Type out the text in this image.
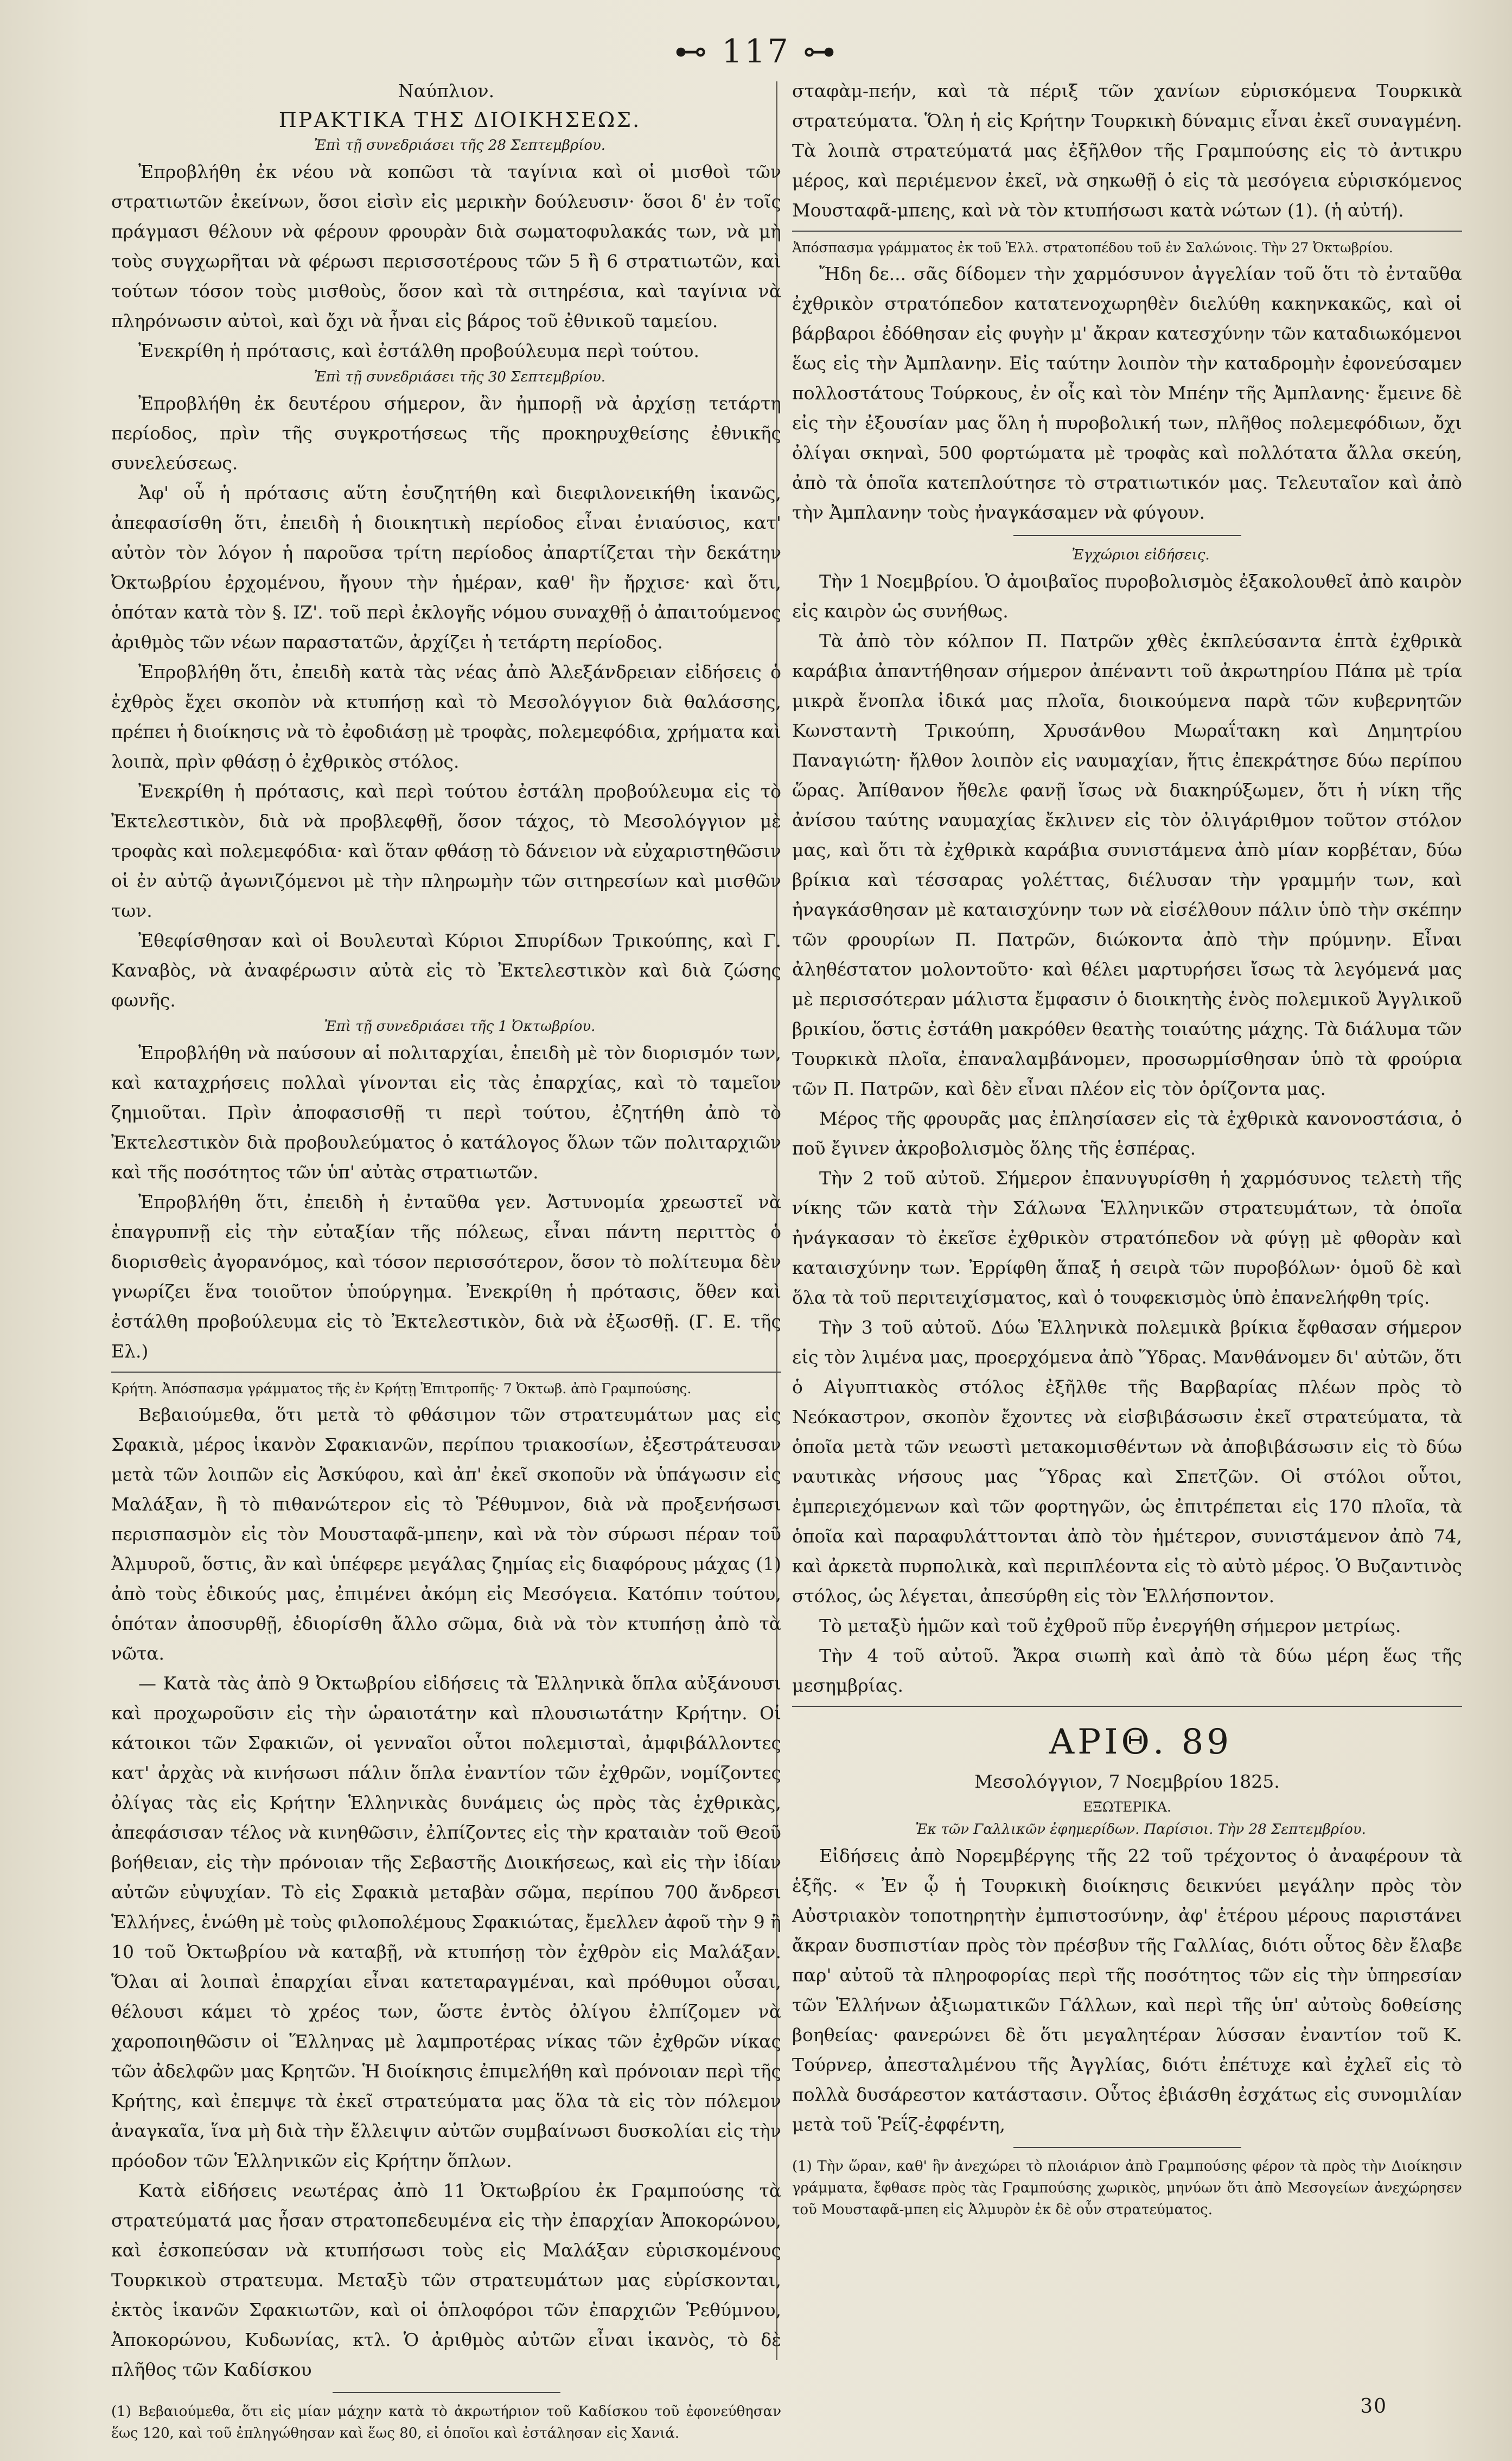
⊷ 117 ⊶

Ναύπλιον.

ΠΡΑΚΤΙΚΑ ΤΗΣ ΔΙΟΙΚΗΣΕΩΣ.

Ἐπὶ τῇ συνεδριάσει τῆς 28 Σεπτεμβρίου.

Ἐπροβλήθη ἐκ νέου νὰ κοπῶσι τὰ ταγίνια καὶ οἱ μισθοὶ τῶν στρατιωτῶν ἐκείνων, ὅσοι εἰσὶν εἰς μερικὴν δούλευσιν· ὅσοι δ' ἐν τοῖς πράγμασι θέλουν νὰ φέρουν φρουρὰν διὰ σωματοφυλακάς των, νὰ μὴ τοὺς συγχωρῆται νὰ φέρωσι περισσοτέρους τῶν 5 ἢ 6 στρατιωτῶν, καὶ τούτων τόσον τοὺς μισθοὺς, ὅσον καὶ τὰ σιτηρέσια, καὶ ταγίνια νὰ πληρόνωσιν αὐτοὶ, καὶ ὄχι νὰ ἦναι εἰς βάρος τοῦ ἐθνικοῦ ταμείου.

Ἐνεκρίθη ἡ πρότασις, καὶ ἐστάλθη προβούλευμα περὶ τούτου.

Ἐπὶ τῇ συνεδριάσει τῆς 30 Σεπτεμβρίου.

Ἐπροβλήθη ἐκ δευτέρου σήμερον, ἂν ἠμπορῇ νὰ ἀρχίσῃ τετάρτη περίοδος, πρὶν τῆς συγκροτήσεως τῆς προκηρυχθείσης ἐθνικῆς συνελεύσεως.

Ἀφ' οὗ ἡ πρότασις αὕτη ἐσυζητήθη καὶ διεφιλονεικήθη ἱκανῶς, ἀπεφασίσθη ὅτι, ἐπειδὴ ἡ διοικητικὴ περίοδος εἶναι ἐνιαύσιος, κατ' αὐτὸν τὸν λόγον ἡ παροῦσα τρίτη περίοδος ἀπαρτίζεται τὴν δεκάτην Ὀκτωβρίου ἐρχομένου, ἤγουν τὴν ἡμέραν, καθ' ἣν ἤρχισε· καὶ ὅτι, ὁπόταν κατὰ τὸν §. ΙΖ'. τοῦ περὶ ἐκλογῆς νόμου συναχθῇ ὁ ἀπαιτούμενος ἀριθμὸς τῶν νέων παραστατῶν, ἀρχίζει ἡ τετάρτη περίοδος.

Ἐπροβλήθη ὅτι, ἐπειδὴ κατὰ τὰς νέας ἀπὸ Ἀλεξάνδρειαν εἰδήσεις ὁ ἐχθρὸς ἔχει σκοπὸν νὰ κτυπήσῃ καὶ τὸ Μεσολόγγιον διὰ θαλάσσης, πρέπει ἡ διοίκησις νὰ τὸ ἐφοδιάσῃ μὲ τροφὰς, πολεμεφόδια, χρήματα καὶ λοιπὰ, πρὶν φθάσῃ ὁ ἐχθρικὸς στόλος.

Ἐνεκρίθη ἡ πρότασις, καὶ περὶ τούτου ἐστάλη προβούλευμα εἰς τὸ Ἐκτελεστικὸν, διὰ νὰ προβλεφθῇ, ὅσον τάχος, τὸ Μεσολόγγιον μὲ τροφὰς καὶ πολεμεφόδια· καὶ ὅταν φθάσῃ τὸ δάνειον νὰ εὐχαριστηθῶσιν οἱ ἐν αὐτῷ ἀγωνιζόμενοι μὲ τὴν πληρωμὴν τῶν σιτηρεσίων καὶ μισθῶν των.

Ἐθεφίσθησαν καὶ οἱ Βουλευταὶ Κύριοι Σπυρίδων Τρικούπης, καὶ Γ. Καναβὸς, νὰ ἀναφέρωσιν αὐτὰ εἰς τὸ Ἐκτελεστικὸν καὶ διὰ ζώσης φωνῆς.

Ἐπὶ τῇ συνεδριάσει τῆς 1 Ὀκτωβρίου.

Ἐπροβλήθη νὰ παύσουν αἱ πολιταρχίαι, ἐπειδὴ μὲ τὸν διορισμόν των, καὶ καταχρήσεις πολλαὶ γίνονται εἰς τὰς ἐπαρχίας, καὶ τὸ ταμεῖον ζημιοῦται. Πρὶν ἀποφασισθῇ τι περὶ τούτου, ἐζητήθη ἀπὸ τὸ Ἐκτελεστικὸν διὰ προβουλεύματος ὁ κατάλογος ὅλων τῶν πολιταρχιῶν καὶ τῆς ποσότητος τῶν ὑπ' αὐτὰς στρατιωτῶν.

Ἐπροβλήθη ὅτι, ἐπειδὴ ἡ ἐνταῦθα γεν. Ἀστυνομία χρεωστεῖ νὰ ἐπαγρυπνῇ εἰς τὴν εὐταξίαν τῆς πόλεως, εἶναι πάντη περιττὸς ὁ διορισθεὶς ἀγορανόμος, καὶ τόσον περισσότερον, ὅσον τὸ πολίτευμα δὲν γνωρίζει ἕνα τοιοῦτον ὑπούργημα. Ἐνεκρίθη ἡ πρότασις, ὅθεν καὶ ἐστάλθη προβούλευμα εἰς τὸ Ἐκτελεστικὸν, διὰ νὰ ἐξωσθῇ. (Γ. Ε. τῆς Ελ.)

Κρήτη. Ἀπόσπασμα γράμματος τῆς ἐν Κρήτῃ Ἐπιτροπῆς· 7 Ὀκτωβ. ἀπὸ Γραμπούσης.

Βεβαιούμεθα, ὅτι μετὰ τὸ φθάσιμον τῶν στρατευμάτων μας εἰς Σφακιὰ, μέρος ἱκανὸν Σφακιανῶν, περίπου τριακοσίων, ἐξεστράτευσαν μετὰ τῶν λοιπῶν εἰς Ἀσκύφου, καὶ ἀπ' ἐκεῖ σκοποῦν νὰ ὑπάγωσιν εἰς Μαλάξαν, ἢ τὸ πιθανώτερον εἰς τὸ Ῥέθυμνον, διὰ νὰ προξενήσωσι περισπασμὸν εἰς τὸν Μουσταφᾶ-μπεην, καὶ νὰ τὸν σύρωσι πέραν τοῦ Ἀλμυροῦ, ὅστις, ἂν καὶ ὑπέφερε μεγάλας ζημίας εἰς διαφόρους μάχας (1) ἀπὸ τοὺς ἐδικούς μας, ἐπιμένει ἀκόμη εἰς Μεσόγεια. Κατόπιν τούτου, ὁπόταν ἀποσυρθῇ, ἐδιορίσθη ἄλλο σῶμα, διὰ νὰ τὸν κτυπήσῃ ἀπὸ τὰ νῶτα.

— Κατὰ τὰς ἀπὸ 9 Ὀκτωβρίου εἰδήσεις τὰ Ἑλληνικὰ ὅπλα αὐξάνουσι καὶ προχωροῦσιν εἰς τὴν ὡραιοτάτην καὶ πλουσιωτάτην Κρήτην. Οἱ κάτοικοι τῶν Σφακιῶν, οἱ γενναῖοι οὗτοι πολεμισταὶ, ἀμφιβάλλοντες κατ' ἀρχὰς νὰ κινήσωσι πάλιν ὅπλα ἐναντίον τῶν ἐχθρῶν, νομίζοντες ὀλίγας τὰς εἰς Κρήτην Ἑλληνικὰς δυνάμεις ὡς πρὸς τὰς ἐχθρικὰς, ἀπεφάσισαν τέλος νὰ κινηθῶσιν, ἐλπίζοντες εἰς τὴν κραταιὰν τοῦ Θεοῦ βοήθειαν, εἰς τὴν πρόνοιαν τῆς Σεβαστῆς Διοικήσεως, καὶ εἰς τὴν ἰδίαν αὐτῶν εὐψυχίαν. Τὸ εἰς Σφακιὰ μεταβὰν σῶμα, περίπου 700 ἄνδρεσι Ἑλλήνες, ἑνώθη μὲ τοὺς φιλοπολέμους Σφακιώτας, ἔμελλεν ἀφοῦ τὴν 9 ἢ 10 τοῦ Ὀκτωβρίου νὰ καταβῇ, νὰ κτυπήσῃ τὸν ἐχθρὸν εἰς Μαλάξαν. Ὅλαι αἱ λοιπαὶ ἐπαρχίαι εἶναι κατεταραγμέναι, καὶ πρόθυμοι οὖσαι, θέλουσι κάμει τὸ χρέος των, ὥστε ἐντὸς ὀλίγου ἐλπίζομεν νὰ χαροποιηθῶσιν οἱ Ἕλληνας μὲ λαμπροτέρας νίκας τῶν ἐχθρῶν νίκας τῶν ἀδελφῶν μας Κρητῶν. Ἡ διοίκησις ἐπιμελήθη καὶ πρόνοιαν περὶ τῆς Κρήτης, καὶ ἐπεμψε τὰ ἐκεῖ στρατεύματα μας ὅλα τὰ εἰς τὸν πόλεμον ἀναγκαῖα, ἵνα μὴ διὰ τὴν ἔλλειψιν αὐτῶν συμβαίνωσι δυσκολίαι εἰς τὴν πρόοδον τῶν Ἑλληνικῶν εἰς Κρήτην ὅπλων.

Κατὰ εἰδήσεις νεωτέρας ἀπὸ 11 Ὀκτωβρίου ἐκ Γραμπούσης τὰ στρατεύματά μας ἦσαν στρατοπεδευμένα εἰς τὴν ἐπαρχίαν Ἀποκορώνου, καὶ ἐσκοπεύσαν νὰ κτυπήσωσι τοὺς εἰς Μαλάξαν εὑρισκομένους Τουρκικοὺ στρατευμα. Μεταξὺ τῶν στρατευμάτων μας εὑρίσκονται, ἐκτὸς ἱκανῶν Σφακιωτῶν, καὶ οἱ ὁπλοφόροι τῶν ἐπαρχιῶν Ῥεθύμνου, Ἀποκορώνου, Κυδωνίας, κτλ. Ὁ ἀριθμὸς αὐτῶν εἶναι ἱκανὸς, τὸ δὲ πλῆθος τῶν Καδίσκου

(1) Βεβαιούμεθα, ὅτι εἰς μίαν μάχην κατὰ τὸ ἀκρωτήριον τοῦ Καδίσκου τοῦ ἐφονεύθησαν ἕως 120, καὶ τοῦ ἐπληγώθησαν καὶ ἕως 80, εἰ ὁποῖοι καὶ ἐστάλησαν εἰς Χανιά.

σταφὰμ-πεήν, καὶ τὰ πέριξ τῶν χανίων εὑρισκόμενα Τουρκικὰ στρατεύματα. Ὅλη ἡ εἰς Κρήτην Τουρκικὴ δύναμις εἶναι ἐκεῖ συναγμένη. Τὰ λοιπὰ στρατεύματά μας ἐξῆλθον τῆς Γραμπούσης εἰς τὸ ἀντικρυ μέρος, καὶ περιέμενον ἐκεῖ, νὰ σηκωθῇ ὁ εἰς τὰ μεσόγεια εὑρισκόμενος Μουσταφᾶ-μπεης, καὶ νὰ τὸν κτυπήσωσι κατὰ νώτων (1). (ἡ αὐτή).

Ἀπόσπασμα γράμματος ἐκ τοῦ Ἑλλ. στρατοπέδου τοῦ ἐν Σαλώνοις. Τὴν 27 Ὀκτωβρίου.

Ἤδη δε... σᾶς δίδομεν τὴν χαρμόσυνον ἀγγελίαν τοῦ ὅτι τὸ ἐνταῦθα ἐχθρικὸν στρατόπεδον κατατενοχωρηθὲν διελύθη κακηνκακῶς, καὶ οἱ βάρβαροι ἐδόθησαν εἰς φυγὴν μ' ἄκραν κατεσχύνην τῶν καταδιωκόμενοι ἕως εἰς τὴν Ἀμπλανην. Εἰς ταύτην λοιπὸν τὴν καταδρομὴν ἐφονεύσαμεν πολλοστάτους Τούρκους, ἐν οἷς καὶ τὸν Μπέην τῆς Ἀμπλανης· ἔμεινε δὲ εἰς τὴν ἐξουσίαν μας ὅλη ἡ πυροβολική των, πλῆθος πολεμεφόδιων, ὄχι ὀλίγαι σκηναὶ, 500 φορτώματα μὲ τροφὰς καὶ πολλότατα ἄλλα σκεύη, ἀπὸ τὰ ὁποῖα κατεπλούτησε τὸ στρατιωτικόν μας. Τελευταῖον καὶ ἀπὸ τὴν Ἀμπλανην τοὺς ἠναγκάσαμεν νὰ φύγουν.

Ἐγχώριοι εἰδήσεις.

Τὴν 1 Νοεμβρίου. Ὁ ἀμοιβαῖος πυροβολισμὸς ἐξακολουθεῖ ἀπὸ καιρὸν εἰς καιρὸν ὡς συνήθως.

Τὰ ἀπὸ τὸν κόλπον Π. Πατρῶν χθὲς ἐκπλεύσαντα ἑπτὰ ἐχθρικὰ καράβια ἀπαντήθησαν σήμερον ἀπέναντι τοῦ ἀκρωτηρίου Πάπα μὲ τρία μικρὰ ἔνοπλα ἰδικά μας πλοῖα, διοικούμενα παρὰ τῶν κυβερνητῶν Κωνσταντὴ Τρικούπη, Χρυσάνθου Μωραΐτακη καὶ Δημητρίου Παναγιώτη· ἤλθον λοιπὸν εἰς ναυμαχίαν, ἥτις ἐπεκράτησε δύω περίπου ὥρας. Ἀπίθανον ἤθελε φανῇ ἴσως νὰ διακηρύξωμεν, ὅτι ἡ νίκη τῆς ἀνίσου ταύτης ναυμαχίας ἔκλινεν εἰς τὸν ὀλιγάριθμον τοῦτον στόλον μας, καὶ ὅτι τὰ ἐχθρικὰ καράβια συνιστάμενα ἀπὸ μίαν κορβέταν, δύω βρίκια καὶ τέσσαρας γολέττας, διέλυσαν τὴν γραμμήν των, καὶ ἠναγκάσθησαν μὲ καταισχύνην των νὰ εἰσέλθουν πάλιν ὑπὸ τὴν σκέπην τῶν φρουρίων Π. Πατρῶν, διώκοντα ἀπὸ τὴν πρύμνην. Εἶναι ἀληθέστατον μολοντοῦτο· καὶ θέλει μαρτυρήσει ἴσως τὰ λεγόμενά μας μὲ περισσότεραν μάλιστα ἔμφασιν ὁ διοικητὴς ἑνὸς πολεμικοῦ Ἀγγλικοῦ βρικίου, ὅστις ἐστάθη μακρόθεν θεατὴς τοιαύτης μάχης. Τὰ διάλυμα τῶν Τουρκικὰ πλοῖα, ἐπαναλαμβάνομεν, προσωρμίσθησαν ὑπὸ τὰ φρούρια τῶν Π. Πατρῶν, καὶ δὲν εἶναι πλέον εἰς τὸν ὁρίζοντα μας.

Μέρος τῆς φρουρᾶς μας ἐπλησίασεν εἰς τὰ ἐχθρικὰ κανονοστάσια, ὁ ποῦ ἔγινεν ἀκροβολισμὸς ὅλης τῆς ἑσπέρας.

Τὴν 2 τοῦ αὐτοῦ. Σήμερον ἐπανυγυρίσθη ἡ χαρμόσυνος τελετὴ τῆς νίκης τῶν κατὰ τὴν Σάλωνα Ἑλληνικῶν στρατευμάτων, τὰ ὁποῖα ἠνάγκασαν τὸ ἐκεῖσε ἐχθρικὸν στρατόπεδον νὰ φύγῃ μὲ φθορὰν καὶ καταισχύνην των. Ἐρρίφθη ἅπαξ ἡ σειρὰ τῶν πυροβόλων· ὁμοῦ δὲ καὶ ὅλα τὰ τοῦ περιτειχίσματος, καὶ ὁ τουφεκισμὸς ὑπὸ ἐπανελήφθη τρίς.

Τὴν 3 τοῦ αὐτοῦ. Δύω Ἑλληνικὰ πολεμικὰ βρίκια ἔφθασαν σήμερον εἰς τὸν λιμένα μας, προερχόμενα ἀπὸ Ὕδρας. Μανθάνομεν δι' αὐτῶν, ὅτι ὁ Αἰγυπτιακὸς στόλος ἐξῆλθε τῆς Βαρβαρίας πλέων πρὸς τὸ Νεόκαστρον, σκοπὸν ἔχοντες νὰ εἰσβιβάσωσιν ἐκεῖ στρατεύματα, τὰ ὁποῖα μετὰ τῶν νεωστὶ μετακομισθέντων νὰ ἀποβιβάσωσιν εἰς τὸ δύω ναυτικὰς νήσους μας Ὕδρας καὶ Σπετζῶν. Οἱ στόλοι οὗτοι, ἐμπεριεχόμενων καὶ τῶν φορτηγῶν, ὡς ἐπιτρέπεται εἰς 170 πλοῖα, τὰ ὁποῖα καὶ παραφυλάττονται ἀπὸ τὸν ἡμέτερον, συνιστάμενον ἀπὸ 74, καὶ ἀρκετὰ πυρπολικὰ, καὶ περιπλέοντα εἰς τὸ αὐτὸ μέρος. Ὁ Βυζαντινὸς στόλος, ὡς λέγεται, ἀπεσύρθη εἰς τὸν Ἑλλήσποντον.

Τὸ μεταξὺ ἡμῶν καὶ τοῦ ἐχθροῦ πῦρ ἐνεργήθη σήμερον μετρίως.

Τὴν 4 τοῦ αὐτοῦ. Ἄκρα σιωπὴ καὶ ἀπὸ τὰ δύω μέρη ἕως τῆς μεσημβρίας.

ΑΡΙΘ. 89

Μεσολόγγιον, 7 Νοεμβρίου 1825.

ΕΞΩΤΕΡΙΚΑ.

Ἐκ τῶν Γαλλικῶν ἐφημερίδων. Παρίσιοι. Τὴν 28 Σεπτεμβρίου.

Εἰδήσεις ἀπὸ Νορεμβέργης τῆς 22 τοῦ τρέχοντος ὁ ἀναφέρουν τὰ ἑξῆς. « Ἐν ᾧ ἡ Τουρκικὴ διοίκησις δεικνύει μεγάλην πρὸς τὸν Αὐστριακὸν τοποτηρητὴν ἐμπιστοσύνην, ἀφ' ἑτέρου μέρους παριστάνει ἄκραν δυσπιστίαν πρὸς τὸν πρέσβυν τῆς Γαλλίας, διότι οὗτος δὲν ἔλαβε παρ' αὐτοῦ τὰ πληροφορίας περὶ τῆς ποσότητος τῶν εἰς τὴν ὑπηρεσίαν τῶν Ἑλλήνων ἀξιωματικῶν Γάλλων, καὶ περὶ τῆς ὑπ' αὐτοὺς δοθείσης βοηθείας· φανερώνει δὲ ὅτι μεγαλητέραν λύσσαν ἐναντίον τοῦ Κ. Τούρνερ, ἀπεσταλμένου τῆς Ἀγγλίας, διότι ἐπέτυχε καὶ ἐχλεῖ εἰς τὸ πολλὰ δυσάρεστον κατάστασιν. Οὗτος ἐβιάσθη ἐσχάτως εἰς συνομιλίαν μετὰ τοῦ Ῥεΐζ-ἐφφέντη,

(1) Τὴν ὥραν, καθ' ἣν ἀνεχώρει τὸ πλοιάριον ἀπὸ Γραμπούσης φέρον τὰ πρὸς τὴν Διοίκησιν γράμματα, ἔφθασε πρὸς τὰς Γραμπούσης χωρικὸς, μηνύων ὅτι ἀπὸ Μεσογείων ἀνεχώρησεν τοῦ Μουσταφᾶ-μπεη εἰς Ἀλμυρὸν ἐκ δὲ οὖν στρατεύματος.

30
